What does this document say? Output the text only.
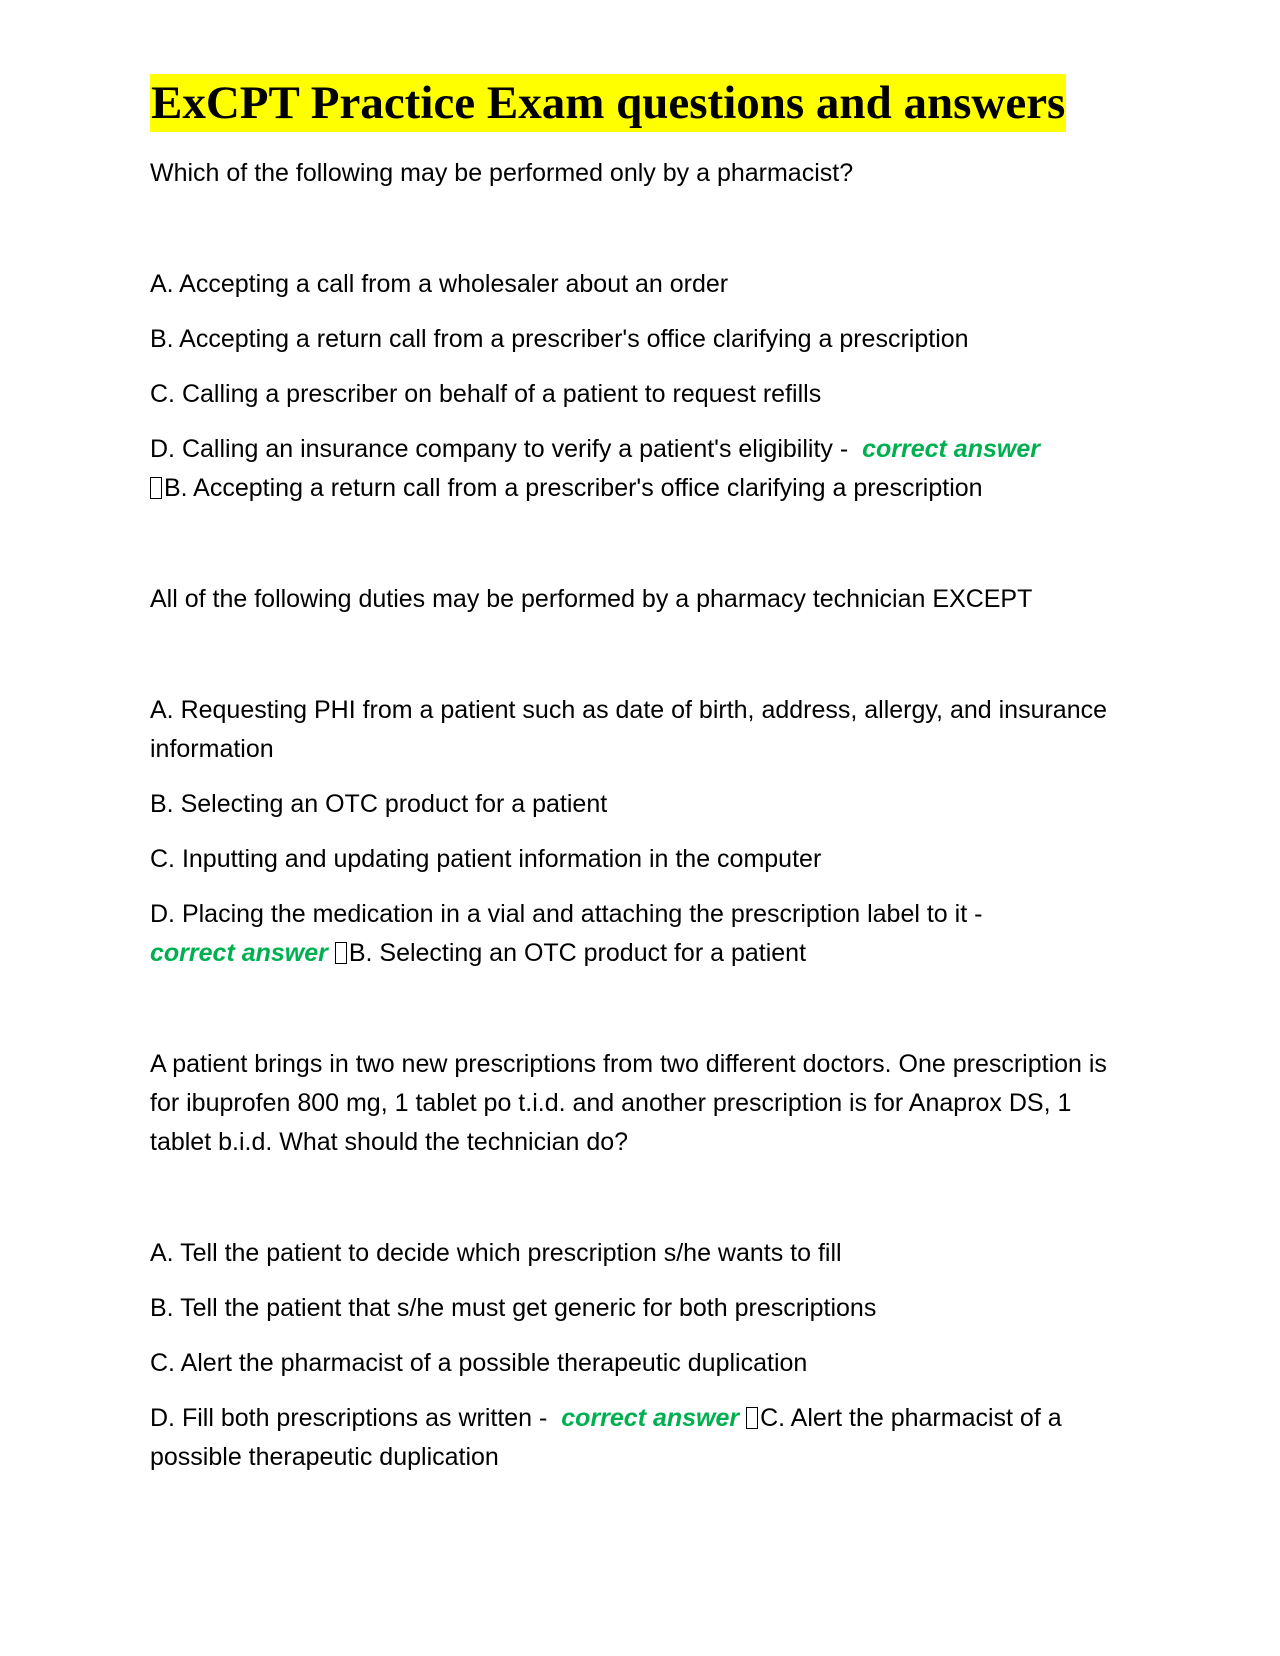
ExCPT Practice Exam questions and answers

Which of the following may be performed only by a pharmacist?

A. Accepting a call from a wholesaler about an order

B. Accepting a return call from a prescriber's office clarifying a prescription

C. Calling a prescriber on behalf of a patient to request refills

D. Calling an insurance company to verify a patient's eligibility - correct answer
B. Accepting a return call from a prescriber's office clarifying a prescription

All of the following duties may be performed by a pharmacy technician EXCEPT

A. Requesting PHI from a patient such as date of birth, address, allergy, and insurance information

B. Selecting an OTC product for a patient

C. Inputting and updating patient information in the computer

D. Placing the medication in a vial and attaching the prescription label to it -
correct answer B. Selecting an OTC product for a patient

A patient brings in two new prescriptions from two different doctors. One prescription is for ibuprofen 800 mg, 1 tablet po t.i.d. and another prescription is for Anaprox DS, 1 tablet b.i.d. What should the technician do?

A. Tell the patient to decide which prescription s/he wants to fill

B. Tell the patient that s/he must get generic for both prescriptions

C. Alert the pharmacist of a possible therapeutic duplication

D. Fill both prescriptions as written - correct answer C. Alert the pharmacist of a possible therapeutic duplication
